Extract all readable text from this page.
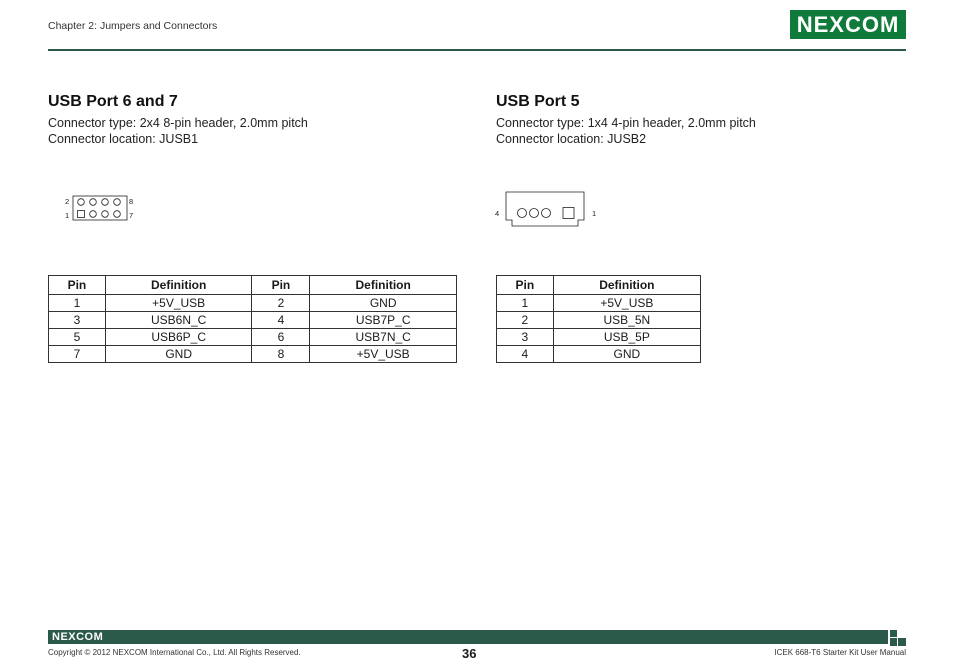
Chapter 2: Jumpers and Connectors	NEXCOM
USB Port 6 and 7
Connector type: 2x4 8-pin header, 2.0mm pitch
Connector location: JUSB1
2	8
1	7
Pin	Definition	Pin	Definition
1	+5V_USB	2	GND
3	USB6N_C	4	USB7P_C
5	USB6P_C	6	USB7N_C
7	GND	8	+5V_USB
USB Port 5
Connector type: 1x4 4-pin header, 2.0mm pitch
Connector location: JUSB2
4	1
Pin	Definition
1	+5V_USB
2	USB_5N
3	USB_5P
4	GND
NEXCOM
Copyright © 2012 NEXCOM International Co., Ltd. All Rights Reserved.	36	ICEK 668-T6 Starter Kit User Manual
